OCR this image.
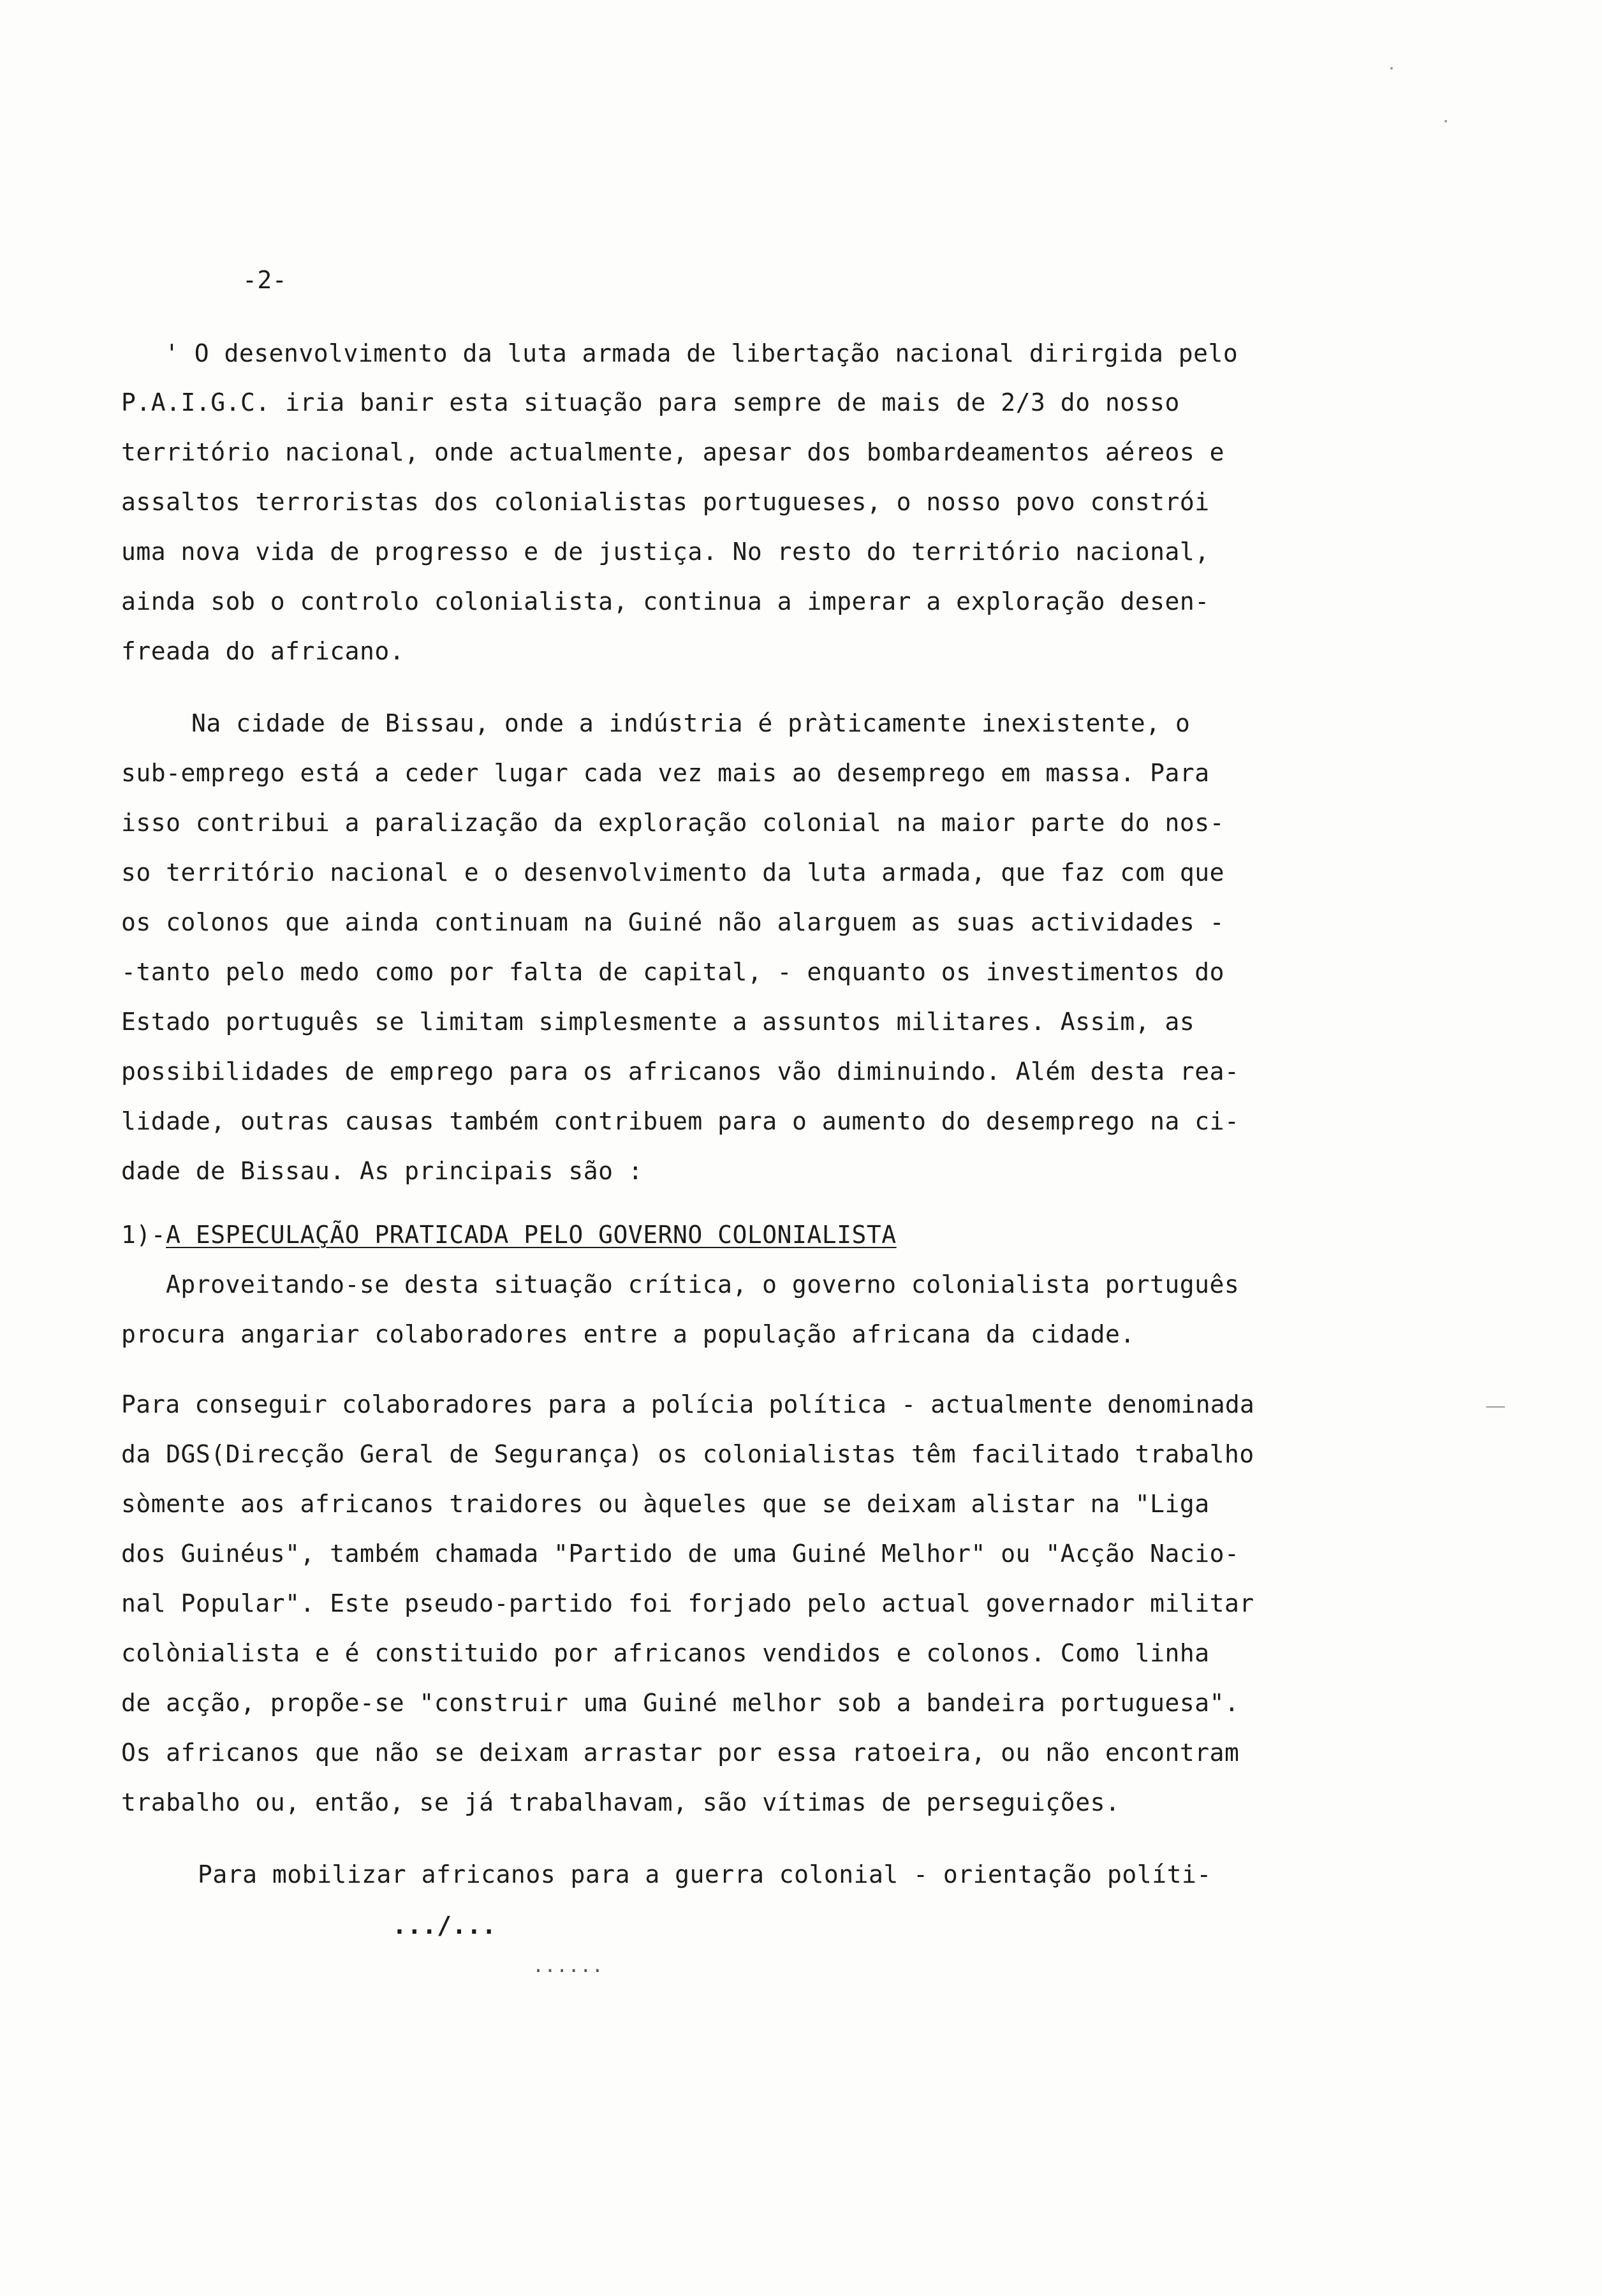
-2-
' O desenvolvimento da luta armada de libertação nacional dirirgida pelo
P.A.I.G.C. iria banir esta situação para sempre de mais de 2/3 do nosso
território nacional, onde actualmente, apesar dos bombardeamentos aéreos e
assaltos terroristas dos colonialistas portugueses, o nosso povo constrói
uma nova vida de progresso e de justiça. No resto do território nacional,
ainda sob o controlo colonialista, continua a imperar a exploração desen-
freada do africano.
Na cidade de Bissau, onde a indústria é pràticamente inexistente, o
sub-emprego está a ceder lugar cada vez mais ao desemprego em massa. Para
isso contribui a paralização da exploração colonial na maior parte do nos-
so território nacional e o desenvolvimento da luta armada, que faz com que
os colonos que ainda continuam na Guiné não alarguem as suas actividades -
-tanto pelo medo como por falta de capital, - enquanto os investimentos do
Estado português se limitam simplesmente a assuntos militares. Assim, as
possibilidades de emprego para os africanos vão diminuindo. Além desta rea-
lidade, outras causas também contribuem para o aumento do desemprego na ci-
dade de Bissau. As principais são :
1)-A ESPECULAÇÃO PRATICADA PELO GOVERNO COLONIALISTA
Aproveitando-se desta situação crítica, o governo colonialista português
procura angariar colaboradores entre a população africana da cidade.
Para conseguir colaboradores para a polícia política - actualmente denominada
da DGS(Direcção Geral de Segurança) os colonialistas têm facilitado trabalho
sòmente aos africanos traidores ou àqueles que se deixam alistar na "Liga
dos Guinéus", também chamada "Partido de uma Guiné Melhor" ou "Acção Nacio-
nal Popular". Este pseudo-partido foi forjado pelo actual governador militar
colònialista e é constituido por africanos vendidos e colonos. Como linha
de acção, propõe-se "construir uma Guiné melhor sob a bandeira portuguesa".
Os africanos que não se deixam arrastar por essa ratoeira, ou não encontram
trabalho ou, então, se já trabalhavam, são vítimas de perseguições.
Para mobilizar africanos para a guerra colonial - orientação políti-
.../...
......
